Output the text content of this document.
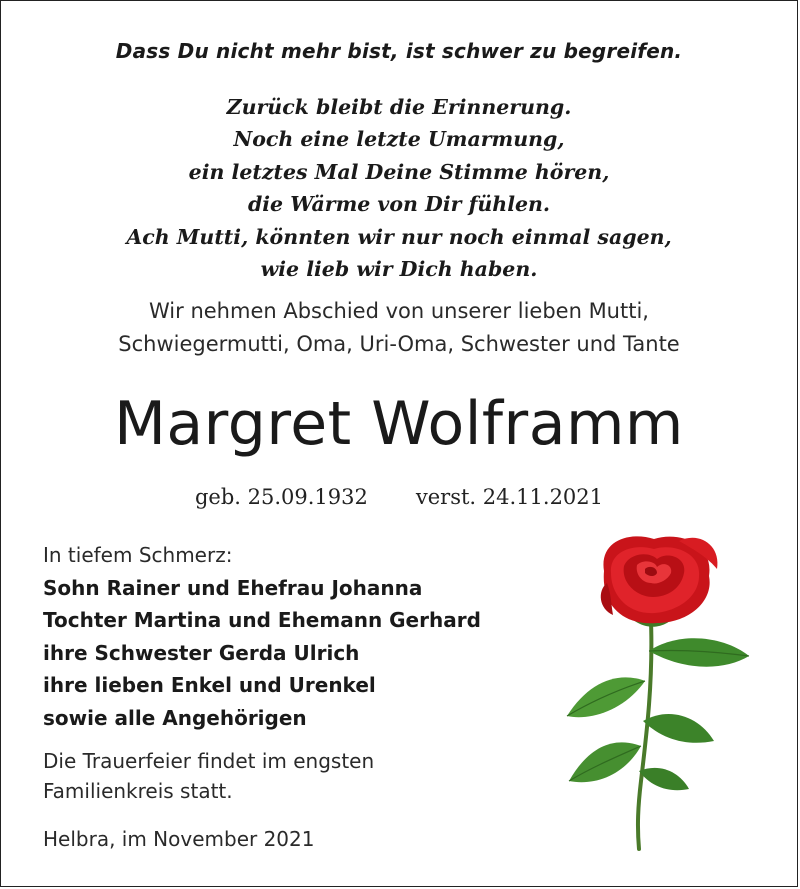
Dass Du nicht mehr bist, ist schwer zu begreifen.
Zurück bleibt die Erinnerung.
Noch eine letzte Umarmung,
ein letztes Mal Deine Stimme hören,
die Wärme von Dir fühlen.
Ach Mutti, könnten wir nur noch einmal sagen,
wie lieb wir Dich haben.
Wir nehmen Abschied von unserer lieben Mutti,
Schwiegermutti, Oma, Uri-Oma, Schwester und Tante
Margret Wolframm
geb. 25.09.1932 verst. 24.11.2021
In tiefem Schmerz:
Sohn Rainer und Ehefrau Johanna
Tochter Martina und Ehemann Gerhard
ihre Schwester Gerda Ulrich
ihre lieben Enkel und Urenkel
sowie alle Angehörigen
Die Trauerfeier findet im engsten
Familienkreis statt.
Helbra, im November 2021
